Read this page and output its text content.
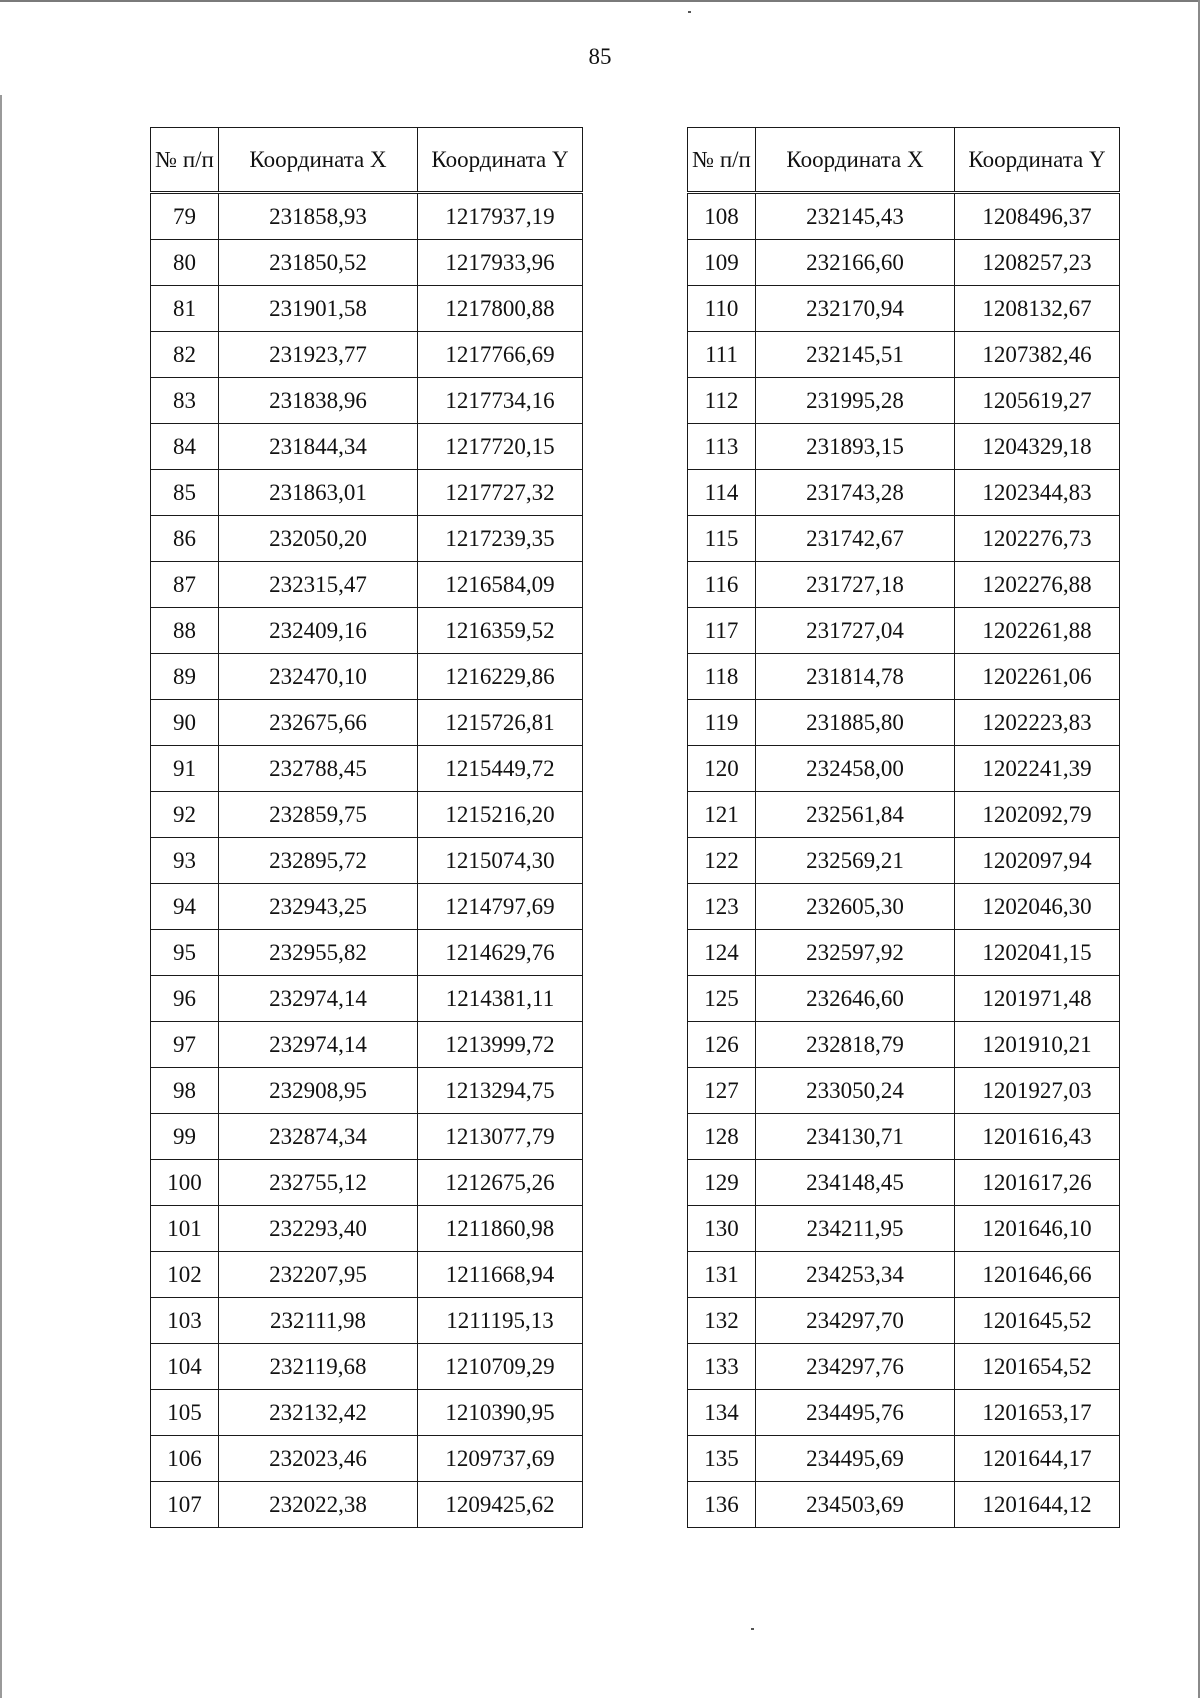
85
№ п/п	Координата X	Координата Y
79	231858,93	1217937,19
80	231850,52	1217933,96
81	231901,58	1217800,88
82	231923,77	1217766,69
83	231838,96	1217734,16
84	231844,34	1217720,15
85	231863,01	1217727,32
86	232050,20	1217239,35
87	232315,47	1216584,09
88	232409,16	1216359,52
89	232470,10	1216229,86
90	232675,66	1215726,81
91	232788,45	1215449,72
92	232859,75	1215216,20
93	232895,72	1215074,30
94	232943,25	1214797,69
95	232955,82	1214629,76
96	232974,14	1214381,11
97	232974,14	1213999,72
98	232908,95	1213294,75
99	232874,34	1213077,79
100	232755,12	1212675,26
101	232293,40	1211860,98
102	232207,95	1211668,94
103	232111,98	1211195,13
104	232119,68	1210709,29
105	232132,42	1210390,95
106	232023,46	1209737,69
107	232022,38	1209425,62
№ п/п	Координата X	Координата Y
108	232145,43	1208496,37
109	232166,60	1208257,23
110	232170,94	1208132,67
111	232145,51	1207382,46
112	231995,28	1205619,27
113	231893,15	1204329,18
114	231743,28	1202344,83
115	231742,67	1202276,73
116	231727,18	1202276,88
117	231727,04	1202261,88
118	231814,78	1202261,06
119	231885,80	1202223,83
120	232458,00	1202241,39
121	232561,84	1202092,79
122	232569,21	1202097,94
123	232605,30	1202046,30
124	232597,92	1202041,15
125	232646,60	1201971,48
126	232818,79	1201910,21
127	233050,24	1201927,03
128	234130,71	1201616,43
129	234148,45	1201617,26
130	234211,95	1201646,10
131	234253,34	1201646,66
132	234297,70	1201645,52
133	234297,76	1201654,52
134	234495,76	1201653,17
135	234495,69	1201644,17
136	234503,69	1201644,12
